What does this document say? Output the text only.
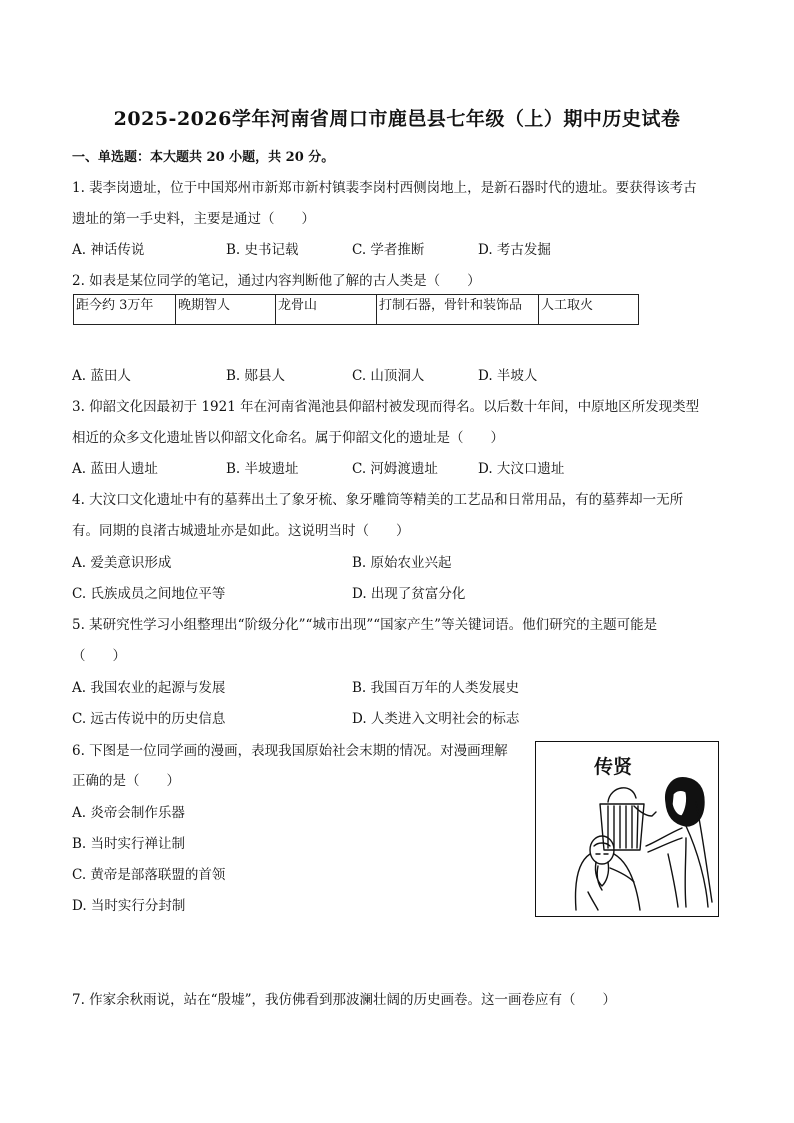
2025-2026学年河南省周口市鹿邑县七年级（上）期中历史试卷
一、单选题：本大题共 20 小题，共 20 分。
1. 裴李岗遗址，位于中国郑州市新郑市新村镇裴李岗村西侧岗地上，是新石器时代的遗址。要获得该考古
遗址的第一手史料，主要是通过（　　）
A. 神话传说	B. 史书记载	C. 学者推断	D. 考古发掘
2. 如表是某位同学的笔记，通过内容判断他了解的古人类是（　　）
距今约 3万年	晚期智人	龙骨山	打制石器，骨针和装饰品	人工取火
A. 蓝田人	B. 郧县人	C. 山顶洞人	D. 半坡人
3. 仰韶文化因最初于 1921 年在河南省渑池县仰韶村被发现而得名。以后数十年间，中原地区所发现类型
相近的众多文化遗址皆以仰韶文化命名。属于仰韶文化的遗址是（　　）
A. 蓝田人遗址	B. 半坡遗址	C. 河姆渡遗址	D. 大汶口遗址
4. 大汶口文化遗址中有的墓葬出土了象牙梳、象牙雕筒等精美的工艺品和日常用品，有的墓葬却一无所
有。同期的良渚古城遗址亦是如此。这说明当时（　　）
A. 爱美意识形成	B. 原始农业兴起
C. 氏族成员之间地位平等	D. 出现了贫富分化
5. 某研究性学习小组整理出“阶级分化”“城市出现”“国家产生”等关键词语。他们研究的主题可能是
（　　）
A. 我国农业的起源与发展	B. 我国百万年的人类发展史
C. 远古传说中的历史信息	D. 人类进入文明社会的标志
6. 下图是一位同学画的漫画，表现我国原始社会末期的情况。对漫画理解
正确的是（　　）
A. 炎帝会制作乐器
B. 当时实行禅让制
C. 黄帝是部落联盟的首领
D. 当时实行分封制
传贤
7. 作家余秋雨说，站在“殷墟”，我仿佛看到那波澜壮阔的历史画卷。这一画卷应有（　　）
